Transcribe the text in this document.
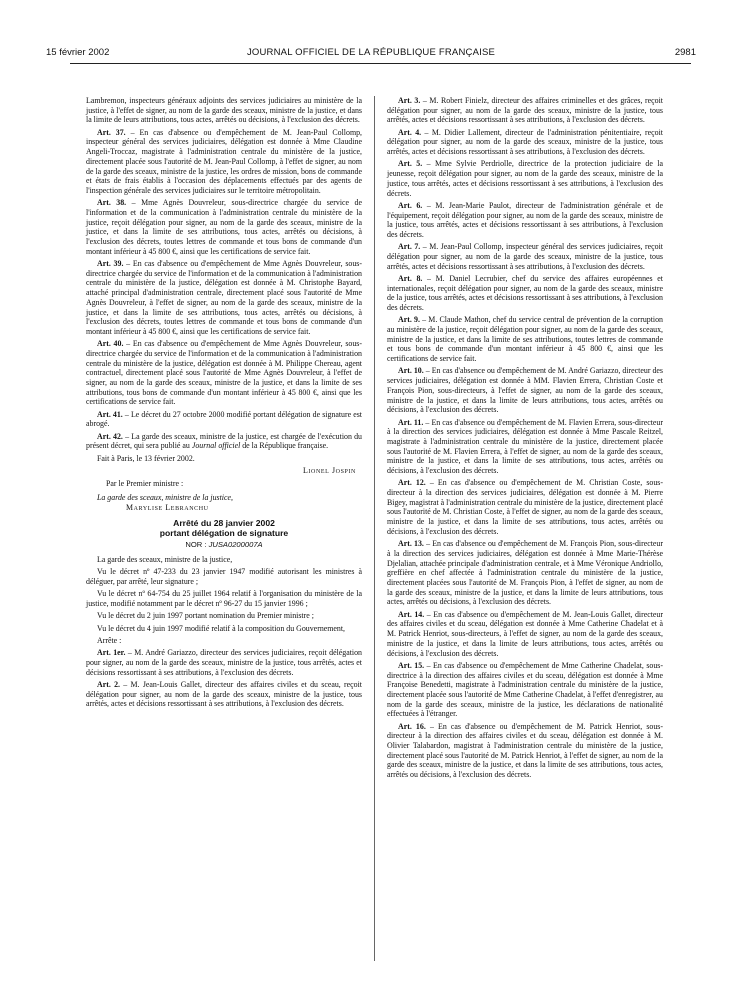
15 février 2002	JOURNAL OFFICIEL DE LA RÉPUBLIQUE FRANÇAISE	2981

Lambremon, inspecteurs généraux adjoints des services judiciaires au ministère de la justice, à l'effet de signer, au nom de la garde des sceaux, ministre de la justice, et dans la limite de leurs attributions, tous actes, arrêtés ou décisions, à l'exclusion des décrets.

Art. 37. – En cas d'absence ou d'empêchement de M. Jean-Paul Collomp, inspecteur général des services judiciaires, délégation est donnée à Mme Claudine Angeli-Troccaz, magistrate à l'administration centrale du ministère de la justice, directement placée sous l'autorité de M. Jean-Paul Collomp, à l'effet de signer, au nom de la garde des sceaux, ministre de la justice, les ordres de mission, bons de commande et états de frais établis à l'occasion des déplacements effectués par des agents de l'inspection générale des services judiciaires sur le territoire métropolitain.

Art. 38. – Mme Agnès Douvreleur, sous-directrice chargée du service de l'information et de la communication à l'administration centrale du ministère de la justice, reçoit délégation pour signer, au nom de la garde des sceaux, ministre de la justice, et dans la limite de ses attributions, tous actes, arrêtés ou décisions, à l'exclusion des décrets, toutes lettres de commande et tous bons de commande d'un montant inférieur à 45 800 €, ainsi que les certifications de service fait.

Art. 39. – En cas d'absence ou d'empêchement de Mme Agnès Douvreleur, sous-directrice chargée du service de l'information et de la communication à l'administration centrale du ministère de la justice, délégation est donnée à M. Christophe Bayard, attaché principal d'administration centrale, directement placé sous l'autorité de Mme Agnès Douvreleur, à l'effet de signer, au nom de la garde des sceaux, ministre de la justice, et dans la limite de ses attributions, tous actes, arrêtés ou décisions, à l'exclusion des décrets, toutes lettres de commande et tous bons de commande d'un montant inférieur à 45 800 €, ainsi que les certifications de service fait.

Art. 40. – En cas d'absence ou d'empêchement de Mme Agnès Douvreleur, sous-directrice chargée du service de l'information et de la communication à l'administration centrale du ministère de la justice, délégation est donnée à M. Philippe Chereau, agent contractuel, directement placé sous l'autorité de Mme Agnès Douvreleur, à l'effet de signer, au nom de la garde des sceaux, ministre de la justice, et dans la limite de ses attributions, tous bons de commande d'un montant inférieur à 45 800 €, ainsi que les certifications de service fait.

Art. 41. – Le décret du 27 octobre 2000 modifié portant délégation de signature est abrogé.

Art. 42. – La garde des sceaux, ministre de la justice, est chargée de l'exécution du présent décret, qui sera publié au Journal officiel de la République française.

Fait à Paris, le 13 février 2002.
Lionel Jospin
Par le Premier ministre :
La garde des sceaux, ministre de la justice,
Marylise Lebranchu
Arrêté du 28 janvier 2002
portant délégation de signature
NOR : JUSA0200007A

La garde des sceaux, ministre de la justice,

Vu le décret nº 47-233 du 23 janvier 1947 modifié autorisant les ministres à déléguer, par arrêté, leur signature ;

Vu le décret nº 64-754 du 25 juillet 1964 relatif à l'organisation du ministère de la justice, modifié notamment par le décret nº 96-27 du 15 janvier 1996 ;

Vu le décret du 2 juin 1997 portant nomination du Premier ministre ;

Vu le décret du 4 juin 1997 modifié relatif à la composition du Gouvernement,

Arrête :

Art. 1er. – M. André Gariazzo, directeur des services judiciaires, reçoit délégation pour signer, au nom de la garde des sceaux, ministre de la justice, tous arrêtés, actes et décisions ressortissant à ses attributions, à l'exclusion des décrets.

Art. 2. – M. Jean-Louis Gallet, directeur des affaires civiles et du sceau, reçoit délégation pour signer, au nom de la garde des sceaux, ministre de la justice, tous arrêtés, actes et décisions ressortissant à ses attributions, à l'exclusion des décrets.

Art. 3. – M. Robert Finielz, directeur des affaires criminelles et des grâces, reçoit délégation pour signer, au nom de la garde des sceaux, ministre de la justice, tous arrêtés, actes et décisions ressortissant à ses attributions, à l'exclusion des décrets.

Art. 4. – M. Didier Lallement, directeur de l'administration pénitentiaire, reçoit délégation pour signer, au nom de la garde des sceaux, ministre de la justice, tous arrêtés, actes et décisions ressortissant à ses attributions, à l'exclusion des décrets.

Art. 5. – Mme Sylvie Perdriolle, directrice de la protection judiciaire de la jeunesse, reçoit délégation pour signer, au nom de la garde des sceaux, ministre de la justice, tous arrêtés, actes et décisions ressortissant à ses attributions, à l'exclusion des décrets.

Art. 6. – M. Jean-Marie Paulot, directeur de l'administration générale et de l'équipement, reçoit délégation pour signer, au nom de la garde des sceaux, ministre de la justice, tous arrêtés, actes et décisions ressortissant à ses attributions, à l'exclusion des décrets.

Art. 7. – M. Jean-Paul Collomp, inspecteur général des services judiciaires, reçoit délégation pour signer, au nom de la garde des sceaux, ministre de la justice, tous arrêtés, actes et décisions ressortissant à ses attributions, à l'exclusion des décrets.

Art. 8. – M. Daniel Lecrubier, chef du service des affaires européennes et internationales, reçoit délégation pour signer, au nom de la garde des sceaux, ministre de la justice, tous arrêtés, actes et décisions ressortissant à ses attributions, à l'exclusion des décrets.

Art. 9. – M. Claude Mathon, chef du service central de prévention de la corruption au ministère de la justice, reçoit délégation pour signer, au nom de la garde des sceaux, ministre de la justice, et dans la limite de ses attributions, toutes lettres de commande et tous bons de commande d'un montant inférieur à 45 800 €, ainsi que les certifications de service fait.

Art. 10. – En cas d'absence ou d'empêchement de M. André Gariazzo, directeur des services judiciaires, délégation est donnée à MM. Flavien Errera, Christian Coste et François Pion, sous-directeurs, à l'effet de signer, au nom de la garde des sceaux, ministre de la justice, et dans la limite de leurs attributions, tous actes, arrêtés ou décisions, à l'exclusion des décrets.

Art. 11. – En cas d'absence ou d'empêchement de M. Flavien Errera, sous-directeur à la direction des services judiciaires, délégation est donnée à Mme Pascale Reitzel, magistrate à l'administration centrale du ministère de la justice, directement placée sous l'autorité de M. Flavien Errera, à l'effet de signer, au nom de la garde des sceaux, ministre de la justice, et dans la limite de ses attributions, tous actes, arrêtés ou décisions, à l'exclusion des décrets.

Art. 12. – En cas d'absence ou d'empêchement de M. Christian Coste, sous-directeur à la direction des services judiciaires, délégation est donnée à M. Pierre Bigey, magistrat à l'administration centrale du ministère de la justice, directement placé sous l'autorité de M. Christian Coste, à l'effet de signer, au nom de la garde des sceaux, ministre de la justice, et dans la limite de ses attributions, tous actes, arrêtés ou décisions, à l'exclusion des décrets.

Art. 13. – En cas d'absence ou d'empêchement de M. François Pion, sous-directeur à la direction des services judiciaires, délégation est donnée à Mme Marie-Thérèse Djelalian, attachée principale d'administration centrale, et à Mme Véronique Andriollo, greffière en chef affectée à l'administration centrale du ministère de la justice, directement placées sous l'autorité de M. François Pion, à l'effet de signer, au nom de la garde des sceaux, ministre de la justice, et dans la limite de leurs attributions, tous actes, arrêtés ou décisions, à l'exclusion des décrets.

Art. 14. – En cas d'absence ou d'empêchement de M. Jean-Louis Gallet, directeur des affaires civiles et du sceau, délégation est donnée à Mme Catherine Chadelat et à M. Patrick Henriot, sous-directeurs, à l'effet de signer, au nom de la garde des sceaux, ministre de la justice, et dans la limite de leurs attributions, tous actes, arrêtés ou décisions, à l'exclusion des décrets.

Art. 15. – En cas d'absence ou d'empêchement de Mme Catherine Chadelat, sous-directrice à la direction des affaires civiles et du sceau, délégation est donnée à Mme Françoise Benedetti, magistrate à l'administration centrale du ministère de la justice, directement placée sous l'autorité de Mme Catherine Chadelat, à l'effet d'enregistrer, au nom de la garde des sceaux, ministre de la justice, les déclarations de nationalité effectuées à l'étranger.

Art. 16. – En cas d'absence ou d'empêchement de M. Patrick Henriot, sous-directeur à la direction des affaires civiles et du sceau, délégation est donnée à M. Olivier Talabardon, magistrat à l'administration centrale du ministère de la justice, directement placé sous l'autorité de M. Patrick Henriot, à l'effet de signer, au nom de la garde des sceaux, ministre de la justice, et dans la limite de ses attributions, tous actes, arrêtés ou décisions, à l'exclusion des décrets.
